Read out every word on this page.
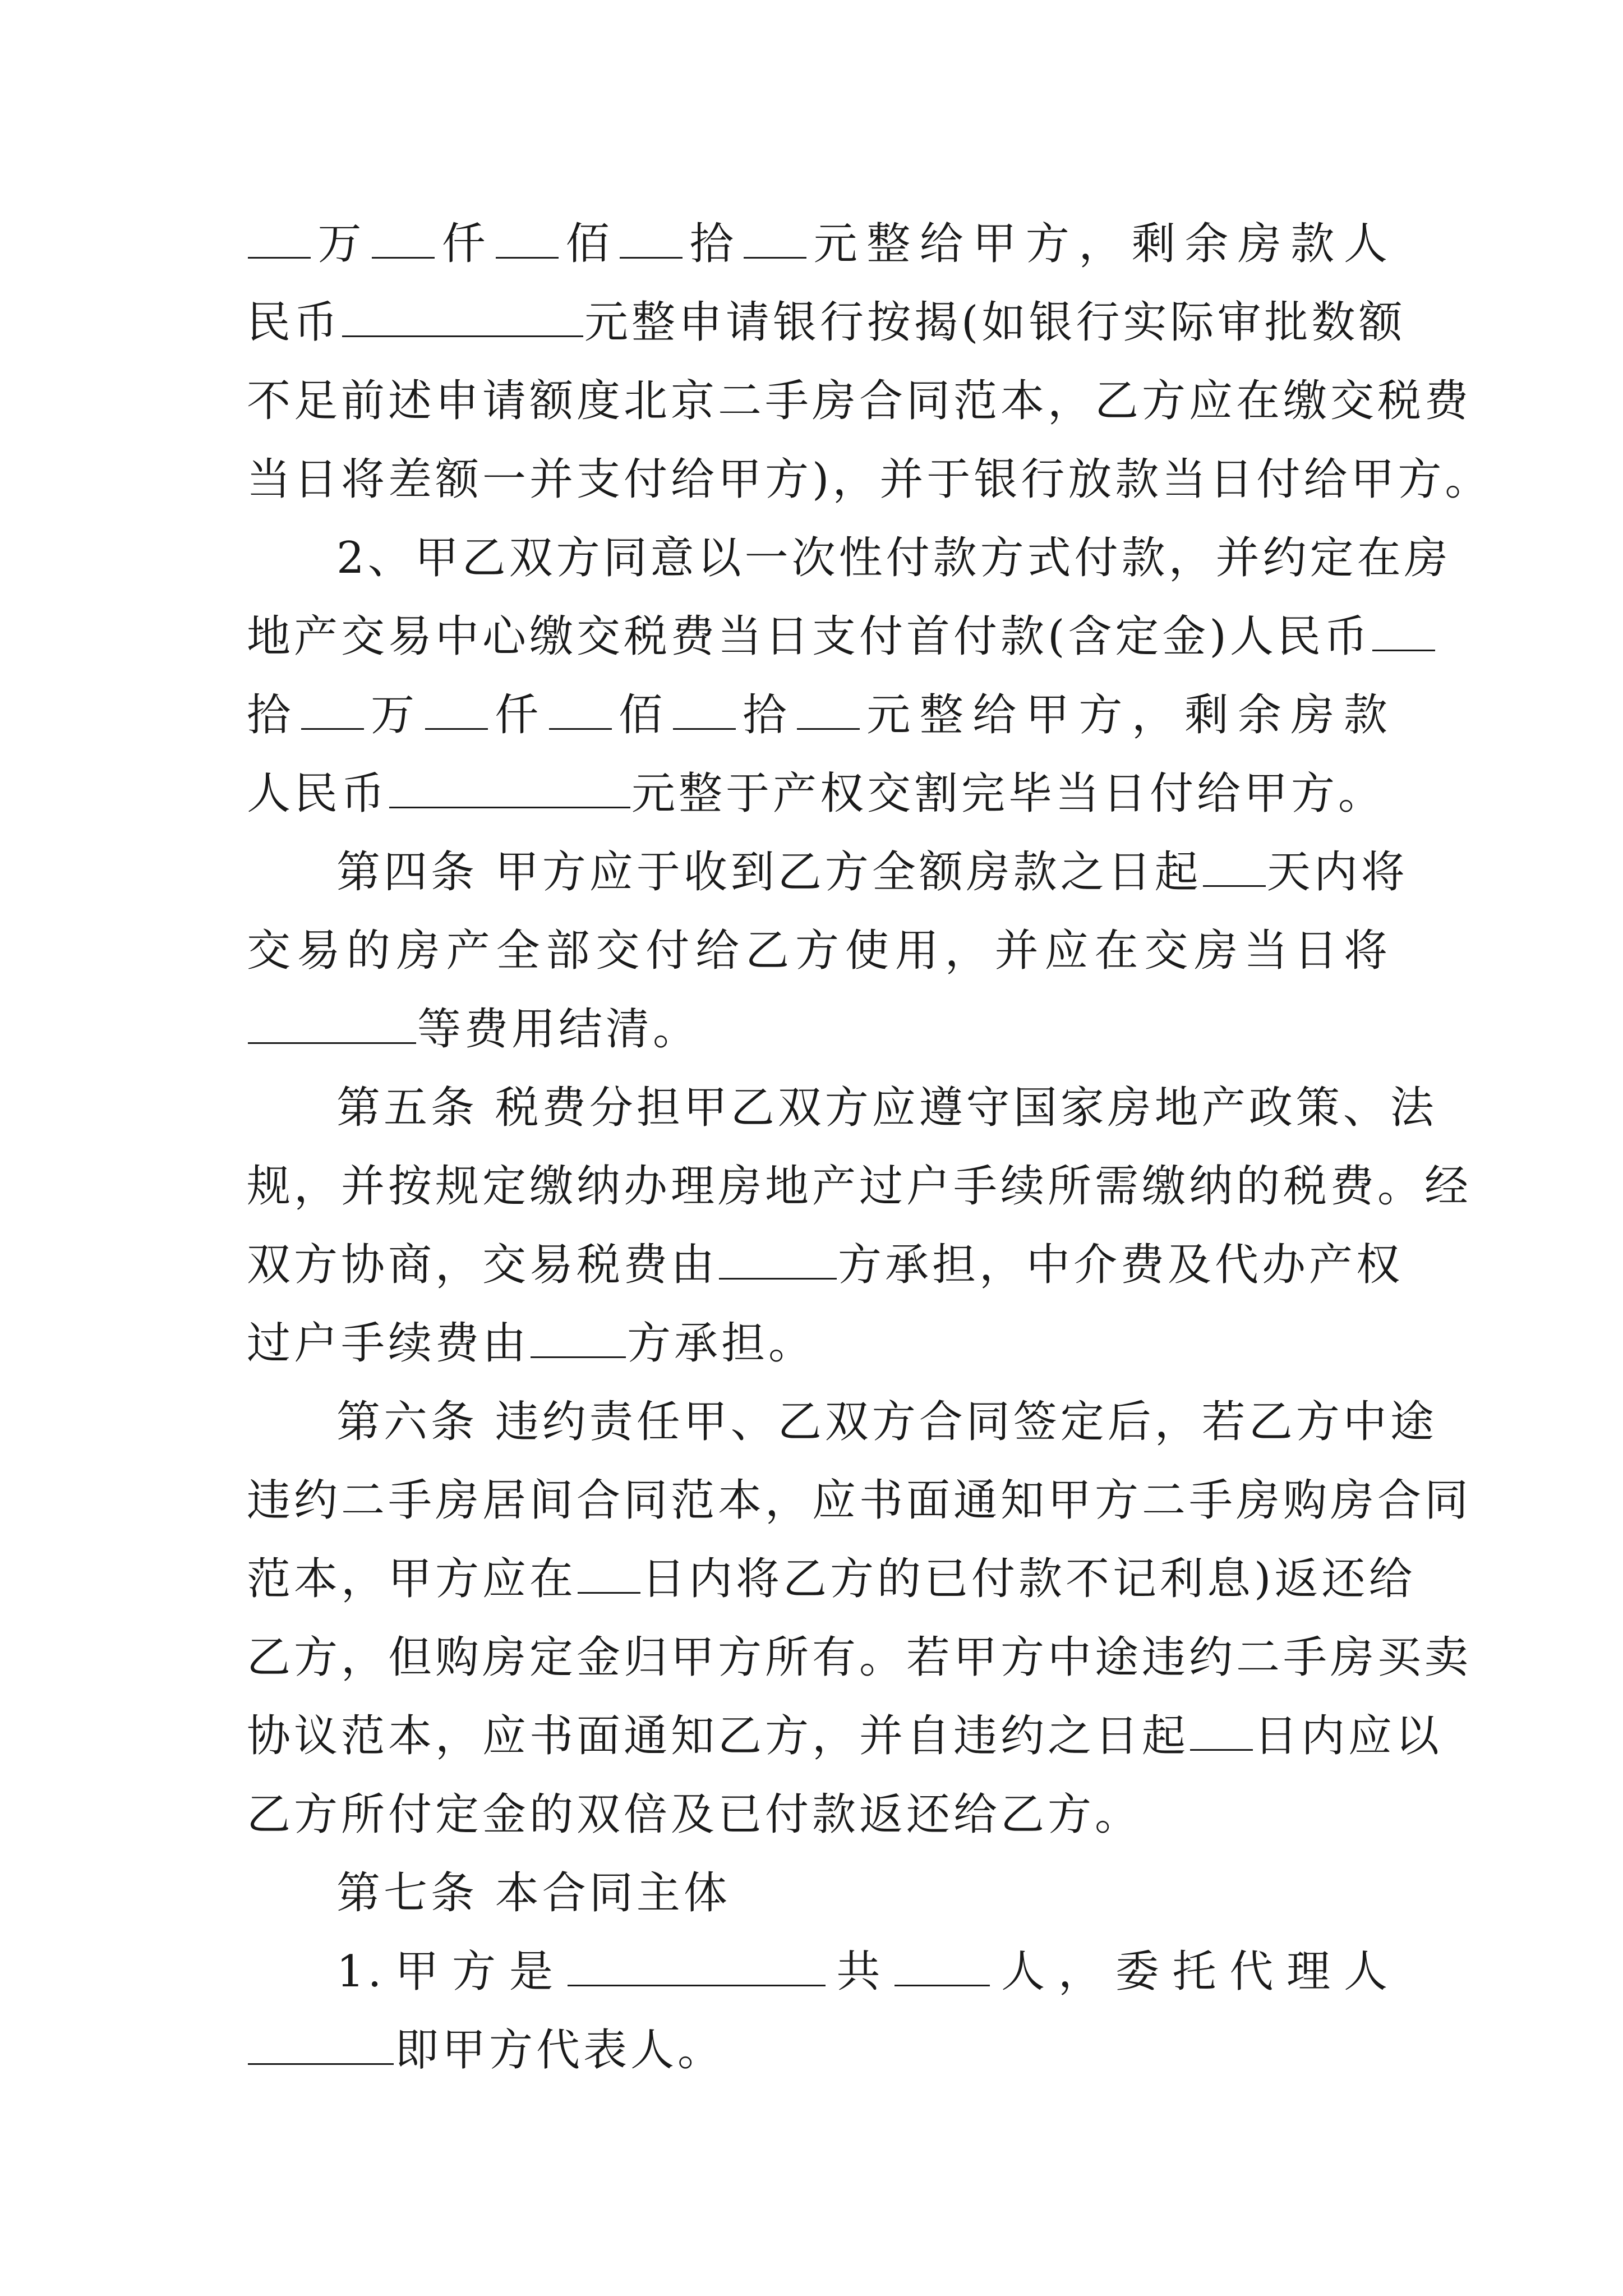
万 仟 佰 拾 元整给甲方，剩余房款人
民币	元整申请银行按揭(如银行实际审批数额
不足前述申请额度北京二手房合同范本，乙方应在缴交税费
当日将差额一并支付给甲方)，并于银行放款当日付给甲方。
2、甲乙双方同意以一次性付款方式付款，并约定在房
地产交易中心缴交税费当日支付首付款(含定金)人民币
拾 万 仟 佰 拾 元整给甲方，剩余房款
人民币	元整于产权交割完毕当日付给甲方。
第四条 甲方应于收到乙方全额房款之日起 天内将
交易的房产全部交付给乙方使用，并应在交房当日将
等费用结清。
第五条 税费分担甲乙双方应遵守国家房地产政策、法
规，并按规定缴纳办理房地产过户手续所需缴纳的税费。经
双方协商，交易税费由	方承担，中介费及代办产权
过户手续费由 方承担。
第六条 违约责任甲、乙双方合同签定后，若乙方中途
违约二手房居间合同范本，应书面通知甲方二手房购房合同
范本，甲方应在 日内将乙方的已付款不记利息)返还给
乙方，但购房定金归甲方所有。若甲方中途违约二手房买卖
协议范本，应书面通知乙方，并自违约之日起 日内应以
乙方所付定金的双倍及已付款返还给乙方。
第七条 本合同主体
1.甲方是	共 人，委托代理人
即甲方代表人。
